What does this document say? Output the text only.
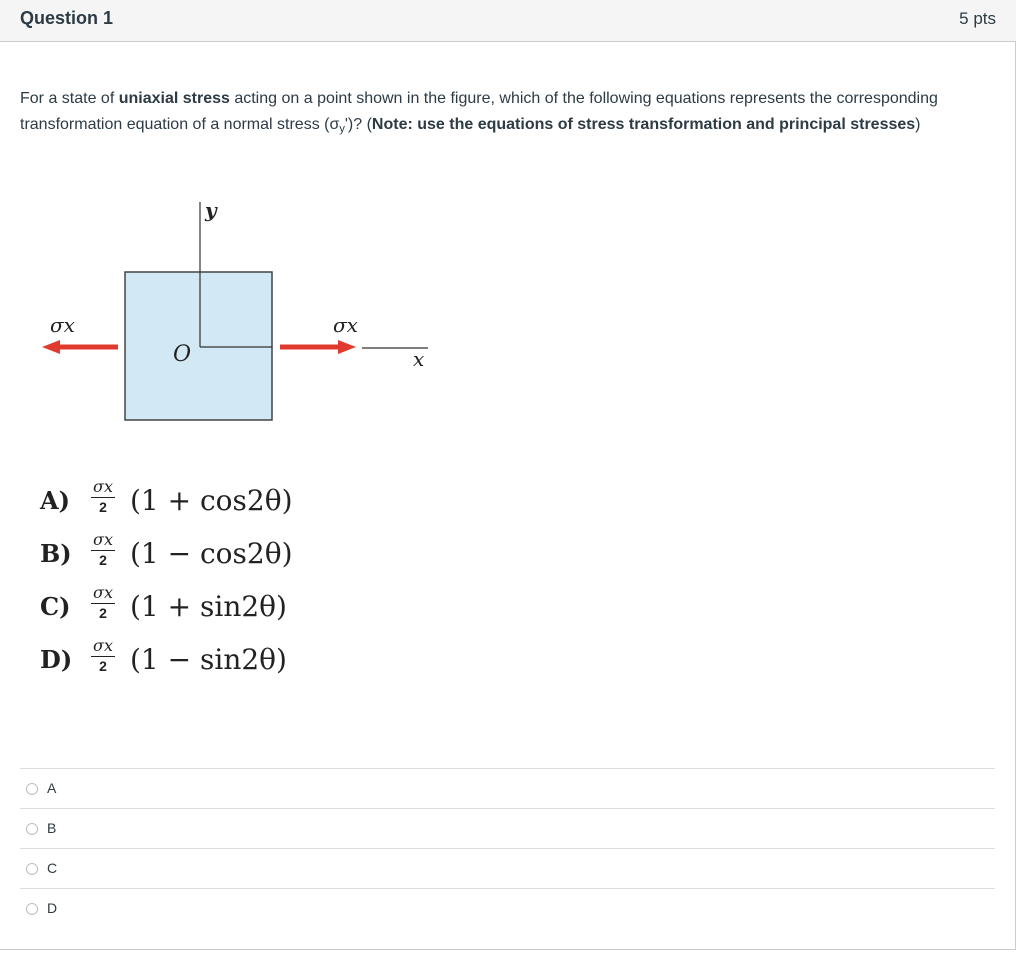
Question 1	5 pts
For a state of uniaxial stress acting on a point shown in the figure, which of the following equations represents the corresponding transformation equation of a normal stress $(\sigma_y')$? (Note: use the equations of stress transformation and principal stresses)
y
x
O
σx	σx
A)	σx
2 (1 + cos2θ)
B)	σx
2 (1 − cos2θ)
C)	σx
2 (1 + sin2θ)
D)	σx
2 (1 − sin2θ)
A
B
C
D
